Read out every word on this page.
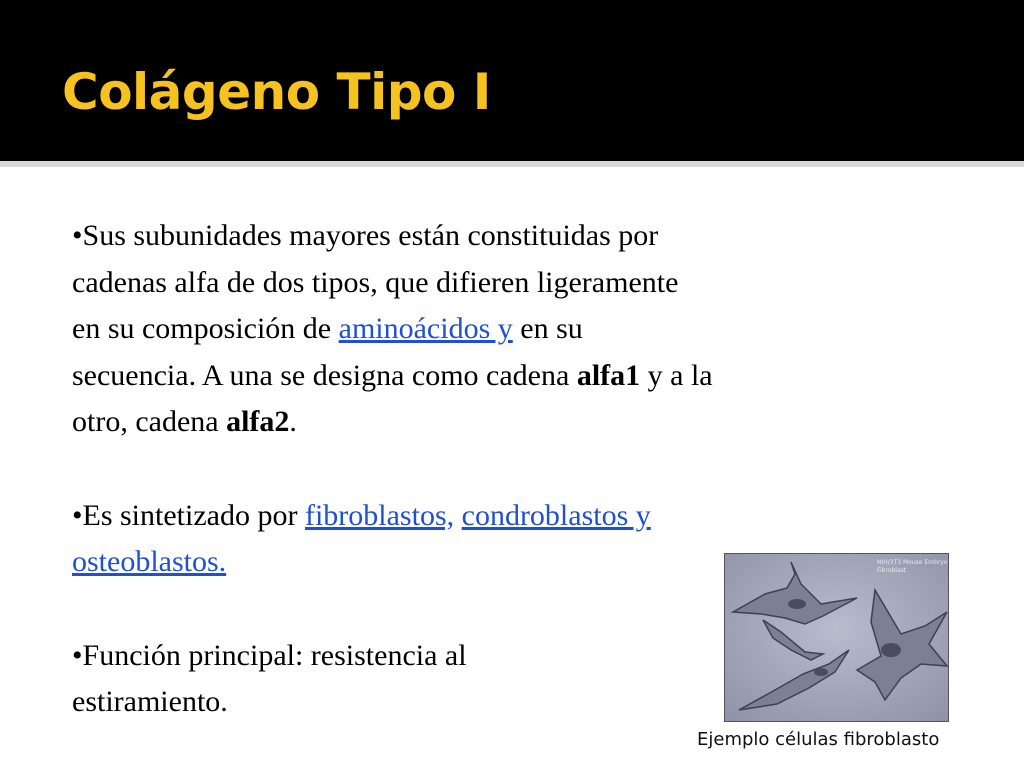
Colágeno Tipo I
•Sus subunidades mayores están constituidas por
cadenas alfa de dos tipos, que difieren ligeramente
en su composición de aminoácidos y en su
secuencia. A una se designa como cadena alfa1 y a la
otro, cadena alfa2.
•Es sintetizado por fibroblastos, condroblastos y
osteoblastos.
•Función principal: resistencia al
estiramiento.
NIH/3T3 Mouse Embryo
Fibroblast
Ejemplo células fibroblasto
